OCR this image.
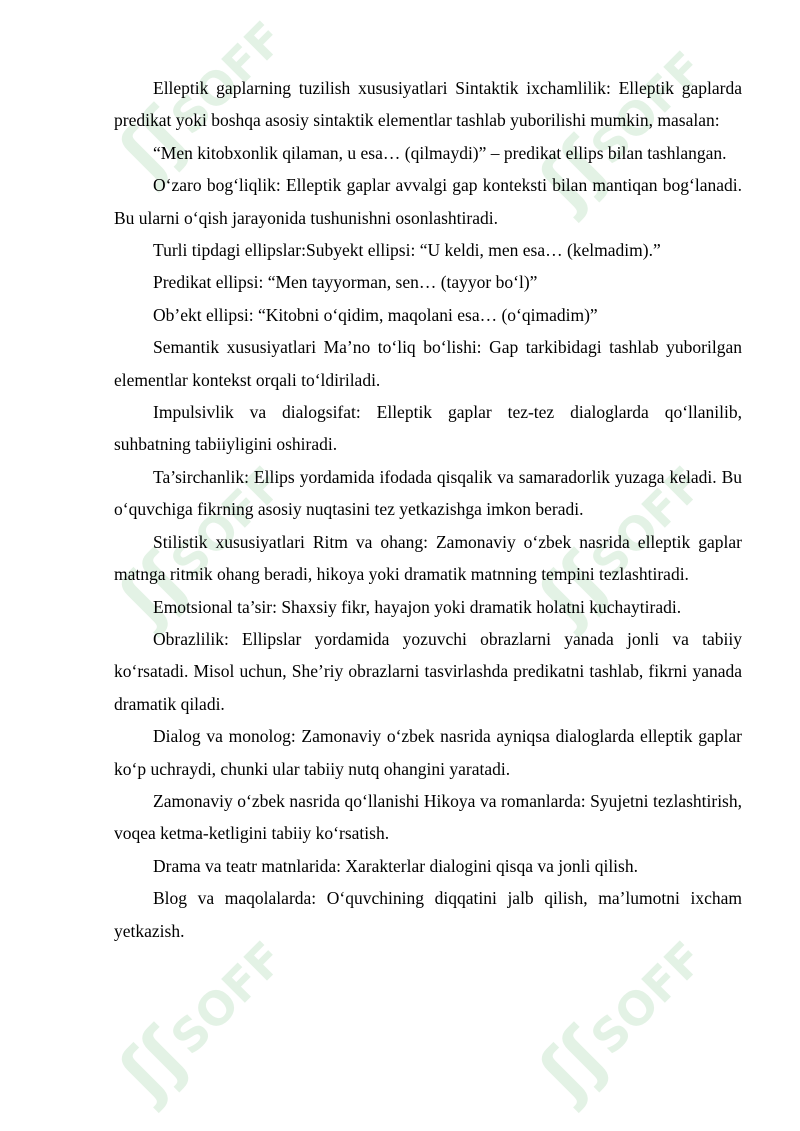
ʃʃ
SOFF
ʃʃ
SOFF
ʃʃ
SOFF	ʃʃ
SOFF
ʃʃ
SOFF	ʃʃ
SOFF

Elleptik gaplarning tuzilish xususiyatlari Sintaktik ixchamlilik: Elleptik gaplarda predikat yoki boshqa asosiy sintaktik elementlar tashlab yuborilishi mumkin, masalan:

“Men kitobxonlik qilaman, u esa… (qilmaydi)” – predikat ellips bilan tashlangan.

O‘zaro bog‘liqlik: Elleptik gaplar avvalgi gap konteksti bilan mantiqan bog‘lanadi. Bu ularni o‘qish jarayonida tushunishni osonlashtiradi.

Turli tipdagi ellipslar:Subyekt ellipsi: “U keldi, men esa… (kelmadim).”

Predikat ellipsi: “Men tayyorman, sen… (tayyor bo‘l)”

Ob’ekt ellipsi: “Kitobni o‘qidim, maqolani esa… (o‘qimadim)”

Semantik xususiyatlari Ma’no to‘liq bo‘lishi: Gap tarkibidagi tashlab yuborilgan elementlar kontekst orqali to‘ldiriladi.

Impulsivlik va dialogsifat: Elleptik gaplar tez-tez dialoglarda qo‘llanilib, suhbatning tabiiyligini oshiradi.

Ta’sirchanlik: Ellips yordamida ifodada qisqalik va samaradorlik yuzaga keladi. Bu o‘quvchiga fikrning asosiy nuqtasini tez yetkazishga imkon beradi.

Stilistik xususiyatlari Ritm va ohang: Zamonaviy o‘zbek nasrida elleptik gaplar matnga ritmik ohang beradi, hikoya yoki dramatik matnning tempini tezlashtiradi.

Emotsional ta’sir: Shaxsiy fikr, hayajon yoki dramatik holatni kuchaytiradi.

Obrazlilik: Ellipslar yordamida yozuvchi obrazlarni yanada jonli va tabiiy ko‘rsatadi. Misol uchun, She’riy obrazlarni tasvirlashda predikatni tashlab, fikrni yanada dramatik qiladi.

Dialog va monolog: Zamonaviy o‘zbek nasrida ayniqsa dialoglarda elleptik gaplar ko‘p uchraydi, chunki ular tabiiy nutq ohangini yaratadi.

Zamonaviy o‘zbek nasrida qo‘llanishi Hikoya va romanlarda: Syujetni tezlashtirish, voqea ketma-ketligini tabiiy ko‘rsatish.

Drama va teatr matnlarida: Xarakterlar dialogini qisqa va jonli qilish.

Blog va maqolalarda: O‘quvchining diqqatini jalb qilish, ma’lumotni ixcham yetkazish.
